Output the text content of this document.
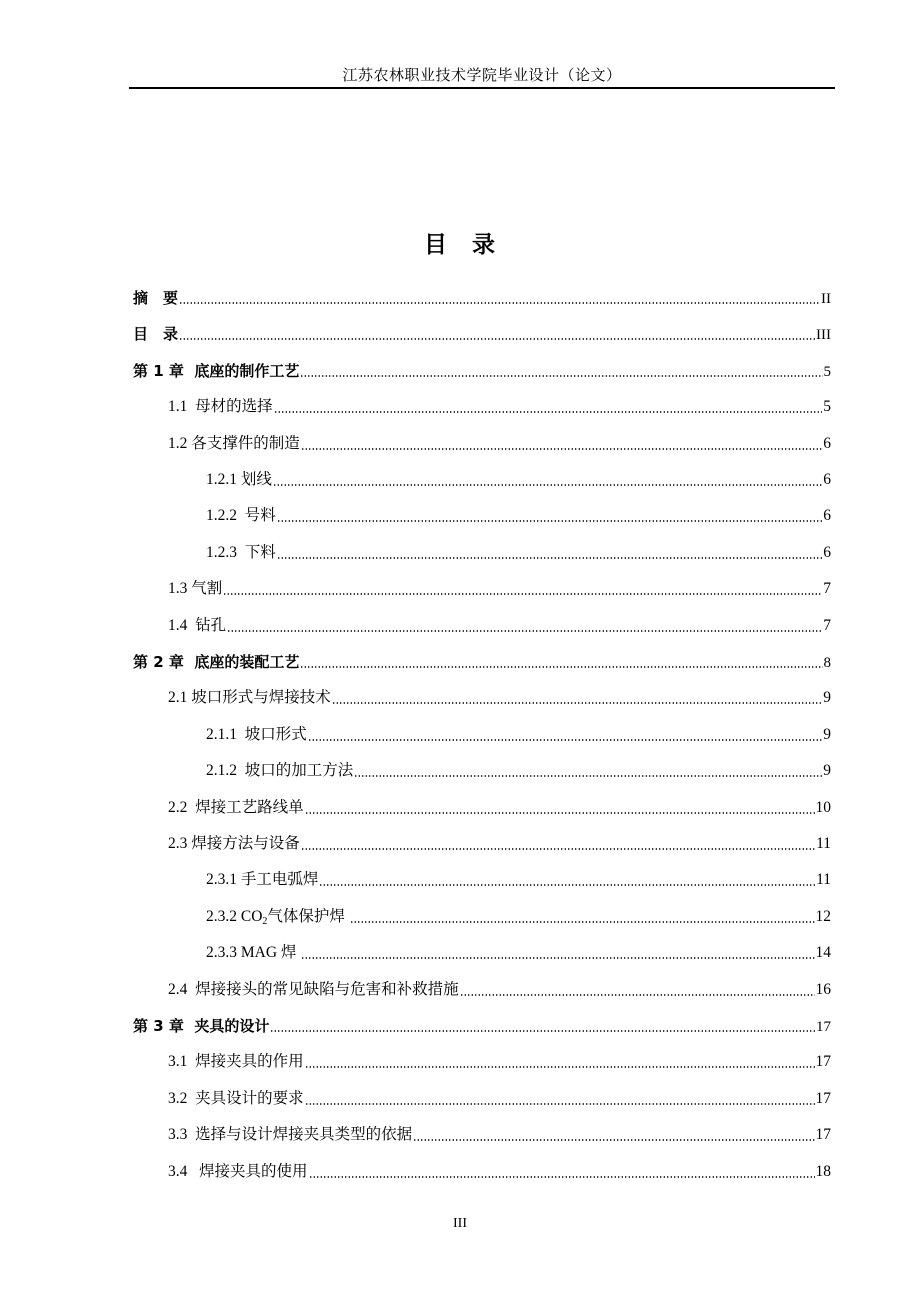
江苏农林职业技术学院毕业设计（论文）
目　录
摘　要	II
目　录	III
第 1 章  底座的制作工艺	5
1.1  母材的选择	5
1.2 各支撑件的制造	6
1.2.1 划线	6
1.2.2  号料	6
1.2.3  下料	6
1.3 气割	7
1.4  钻孔	7
第 2 章  底座的装配工艺	8
2.1 坡口形式与焊接技术	9
2.1.1  坡口形式	9
2.1.2  坡口的加工方法	9
2.2  焊接工艺路线单	10
2.3 焊接方法与设备	11
2.3.1 手工电弧焊	11
2.3.2 $CO_2$气体保护焊	12
2.3.3 MAG 焊	14
2.4  焊接接头的常见缺陷与危害和补救措施	16
第 3 章  夹具的设计	17
3.1  焊接夹具的作用	17
3.2  夹具设计的要求	17
3.3  选择与设计焊接夹具类型的依据	17
3.4   焊接夹具的使用	18
III
